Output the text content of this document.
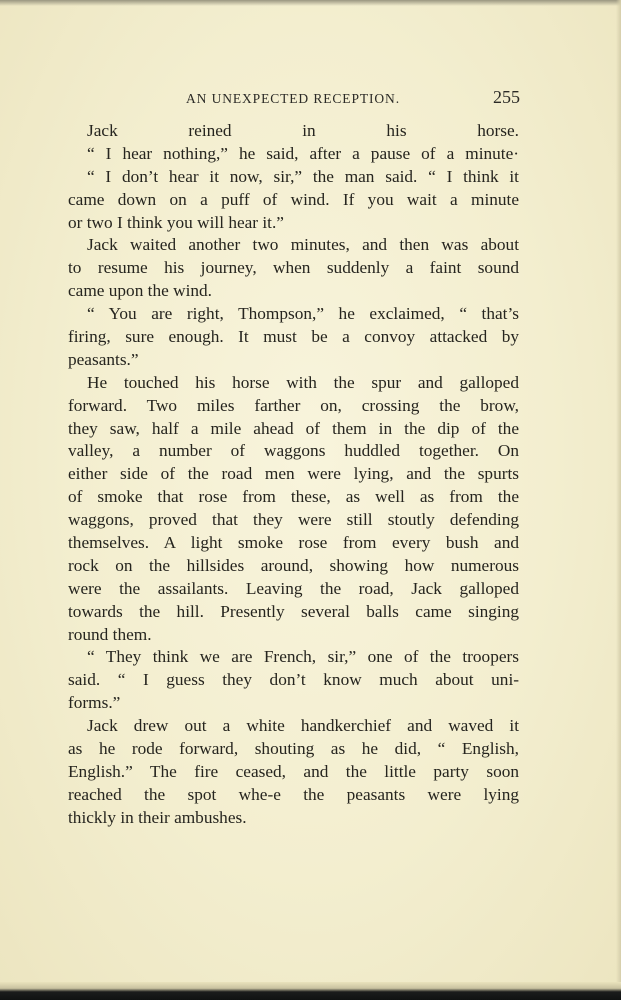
AN UNEXPECTED RECEPTION.	255
Jack reined in his horse.
“ I hear nothing,” he said, after a pause of a minute·
“ I don’t hear it now, sir,” the man said. “ I think it
came down on a puff of wind. If you wait a minute
or two I think you will hear it.”
Jack waited another two minutes, and then was about
to resume his journey, when suddenly a faint sound
came upon the wind.
“ You are right, Thompson,” he exclaimed, “ that’s
firing, sure enough. It must be a convoy attacked by
peasants.”
He touched his horse with the spur and galloped
forward. Two miles farther on, crossing the brow,
they saw, half a mile ahead of them in the dip of the
valley, a number of waggons huddled together. On
either side of the road men were lying, and the spurts
of smoke that rose from these, as well as from the
waggons, proved that they were still stoutly defending
themselves. A light smoke rose from every bush and
rock on the hillsides around, showing how numerous
were the assailants. Leaving the road, Jack galloped
towards the hill. Presently several balls came singing
round them.
“ They think we are French, sir,” one of the troopers
said. “ I guess they don’t know much about uni-
forms.”
Jack drew out a white handkerchief and waved it
as he rode forward, shouting as he did, “ English,
English.” The fire ceased, and the little party soon
reached the spot whe-e the peasants were lying
thickly in their ambushes.
